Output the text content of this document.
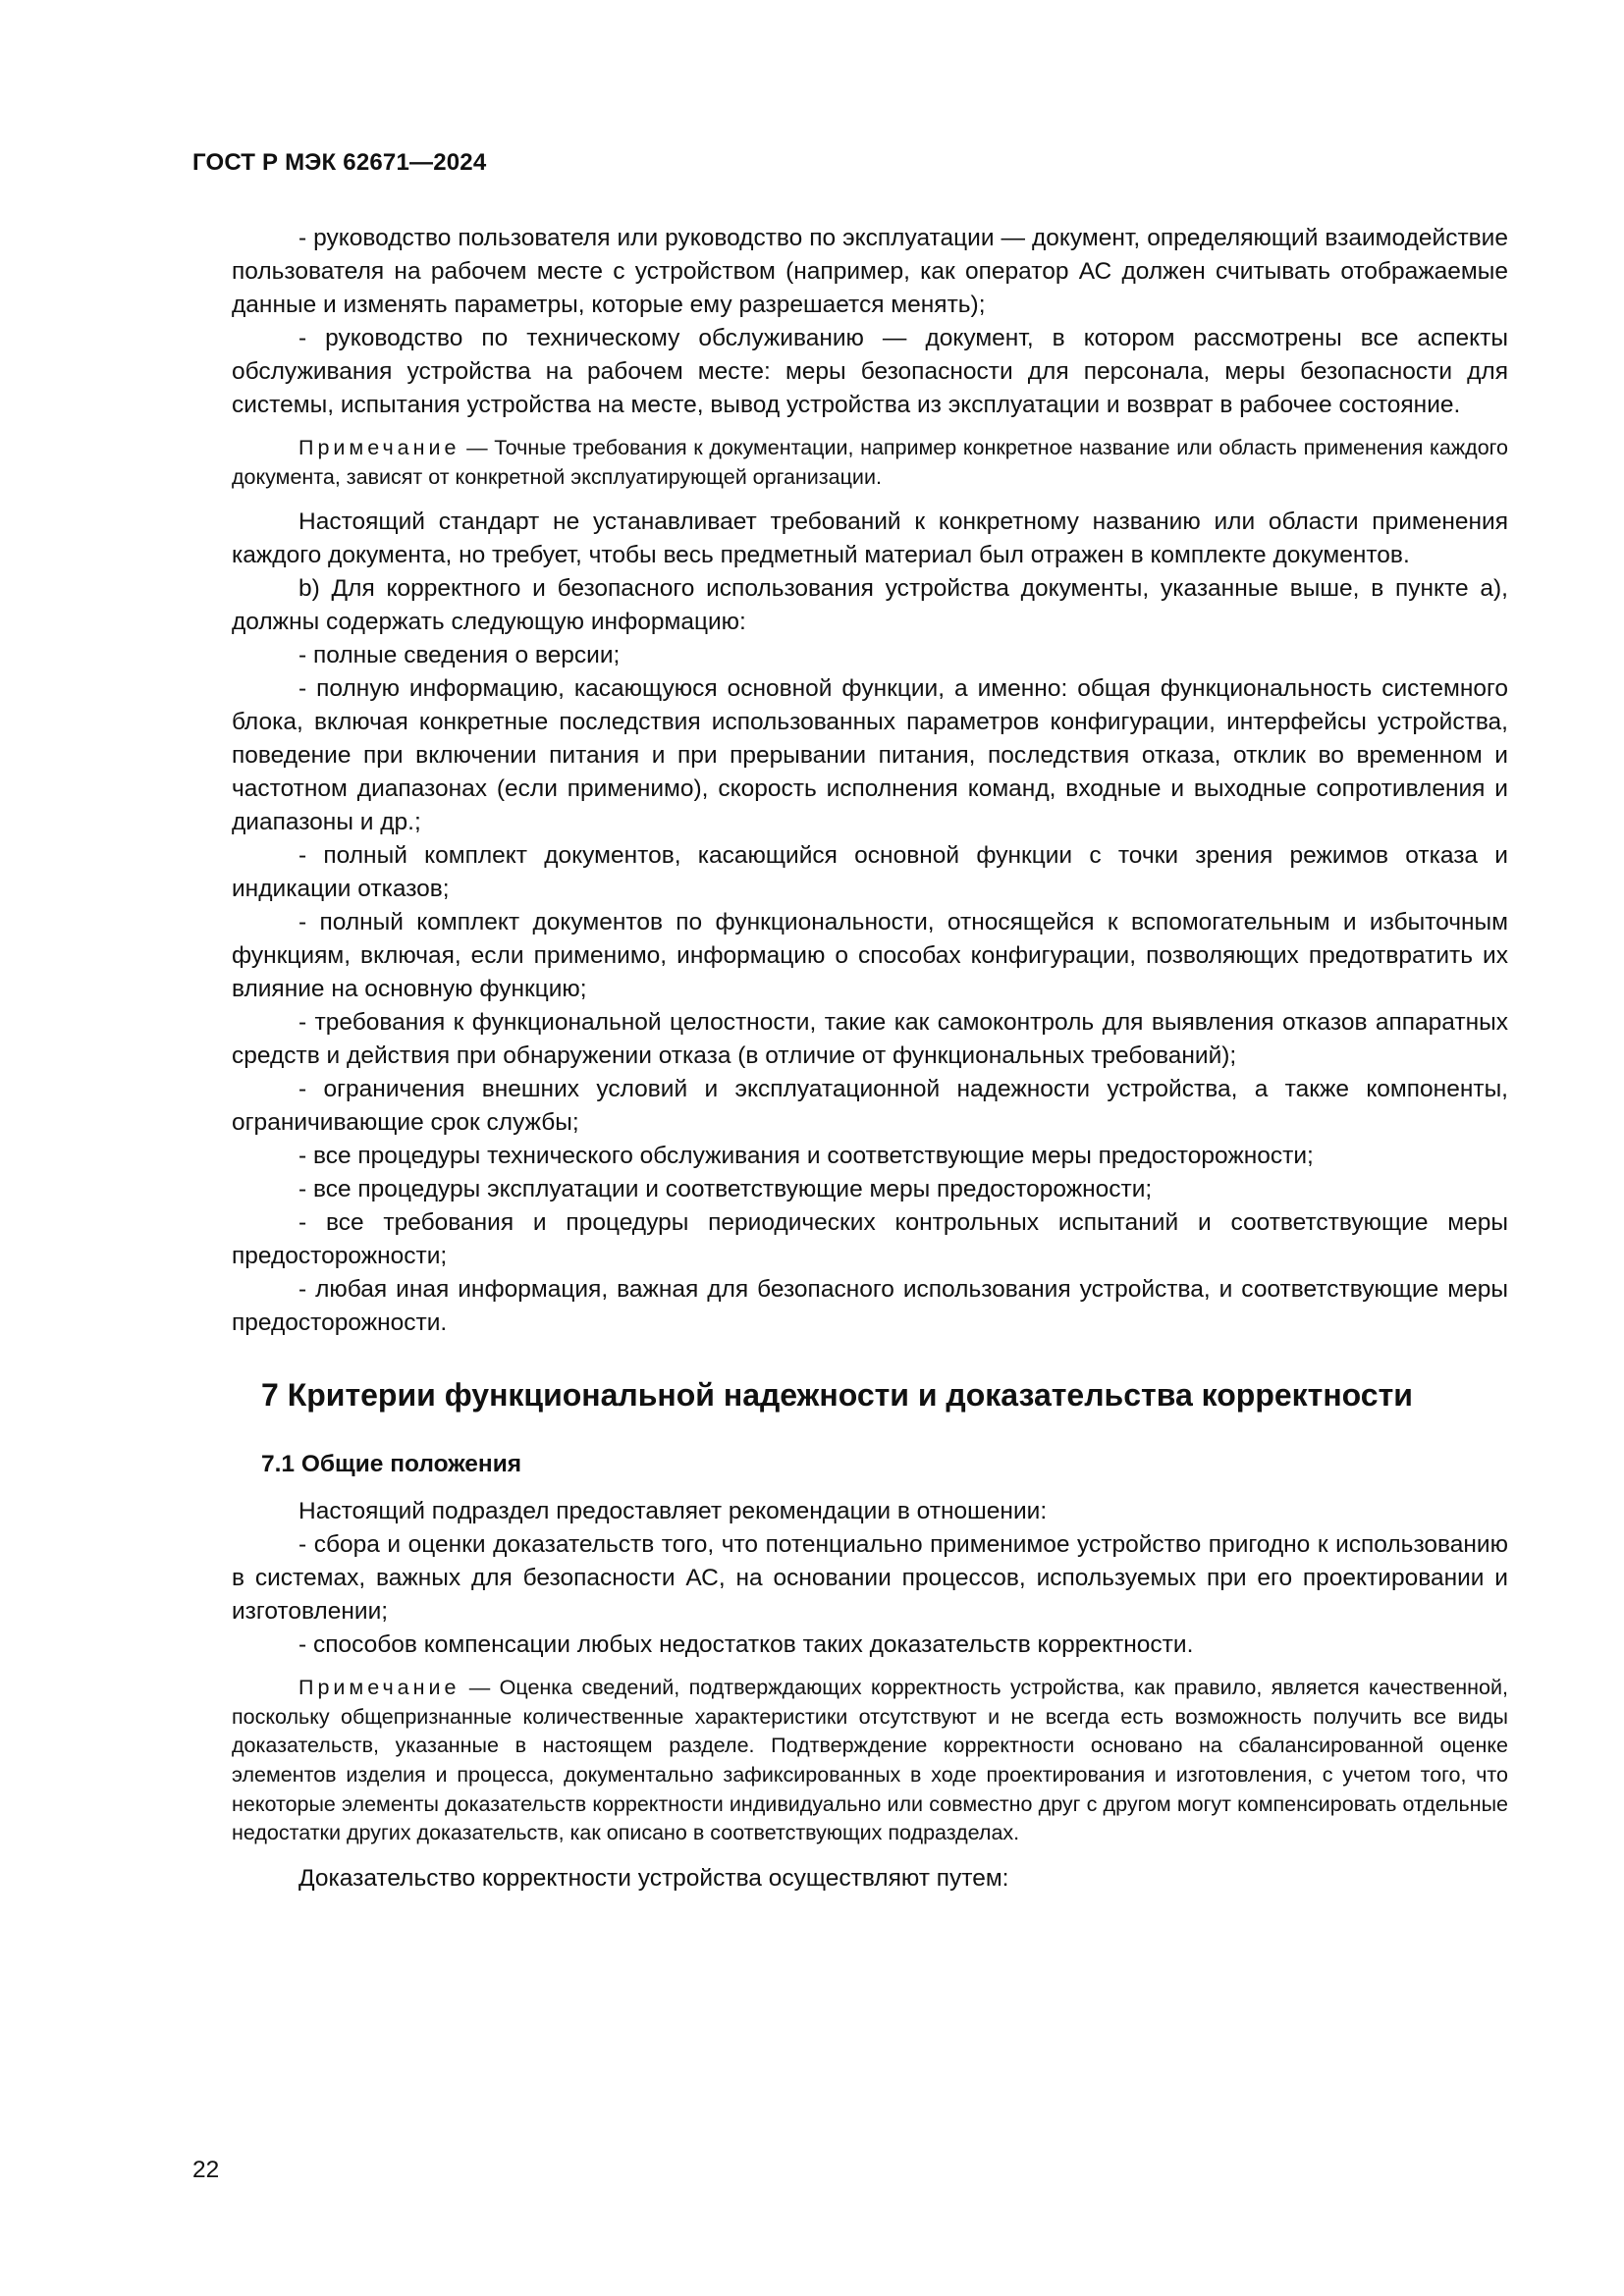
ГОСТ Р МЭК 62671—2024

- руководство пользователя или руководство по эксплуатации — документ, определяющий взаимодействие пользователя на рабочем месте с устройством (например, как оператор АС должен считывать отображаемые данные и изменять параметры, которые ему разрешается менять);

- руководство по техническому обслуживанию — документ, в котором рассмотрены все аспекты обслуживания устройства на рабочем месте: меры безопасности для персонала, меры безопасности для системы, испытания устройства на месте, вывод устройства из эксплуатации и возврат в рабочее состояние.

Примечание — Точные требования к документации, например конкретное название или область применения каждого документа, зависят от конкретной эксплуатирующей организации.

Настоящий стандарт не устанавливает требований к конкретному названию или области применения каждого документа, но требует, чтобы весь предметный материал был отражен в комплекте документов.

b) Для корректного и безопасного использования устройства документы, указанные выше, в пункте а), должны содержать следующую информацию:

- полные сведения о версии;

- полную информацию, касающуюся основной функции, а именно: общая функциональность системного блока, включая конкретные последствия использованных параметров конфигурации, интерфейсы устройства, поведение при включении питания и при прерывании питания, последствия отказа, отклик во временном и частотном диапазонах (если применимо), скорость исполнения команд, входные и выходные сопротивления и диапазоны и др.;

- полный комплект документов, касающийся основной функции с точки зрения режимов отказа и индикации отказов;

- полный комплект документов по функциональности, относящейся к вспомогательным и избыточным функциям, включая, если применимо, информацию о способах конфигурации, позволяющих предотвратить их влияние на основную функцию;

- требования к функциональной целостности, такие как самоконтроль для выявления отказов аппаратных средств и действия при обнаружении отказа (в отличие от функциональных требований);

- ограничения внешних условий и эксплуатационной надежности устройства, а также компоненты, ограничивающие срок службы;

- все процедуры технического обслуживания и соответствующие меры предосторожности;

- все процедуры эксплуатации и соответствующие меры предосторожности;

- все требования и процедуры периодических контрольных испытаний и соответствующие меры предосторожности;

- любая иная информация, важная для безопасного использования устройства, и соответствующие меры предосторожности.

7 Критерии функциональной надежности и доказательства корректности
7.1 Общие положения

Настоящий подраздел предоставляет рекомендации в отношении:

- сбора и оценки доказательств того, что потенциально применимое устройство пригодно к использованию в системах, важных для безопасности АС, на основании процессов, используемых при его проектировании и изготовлении;

- способов компенсации любых недостатков таких доказательств корректности.

Примечание — Оценка сведений, подтверждающих корректность устройства, как правило, является качественной, поскольку общепризнанные количественные характеристики отсутствуют и не всегда есть возможность получить все виды доказательств, указанные в настоящем разделе. Подтверждение корректности основано на сбалансированной оценке элементов изделия и процесса, документально зафиксированных в ходе проектирования и изготовления, с учетом того, что некоторые элементы доказательств корректности индивидуально или совместно друг с другом могут компенсировать отдельные недостатки других доказательств, как описано в соответствующих подразделах.

Доказательство корректности устройства осуществляют путем:

22
